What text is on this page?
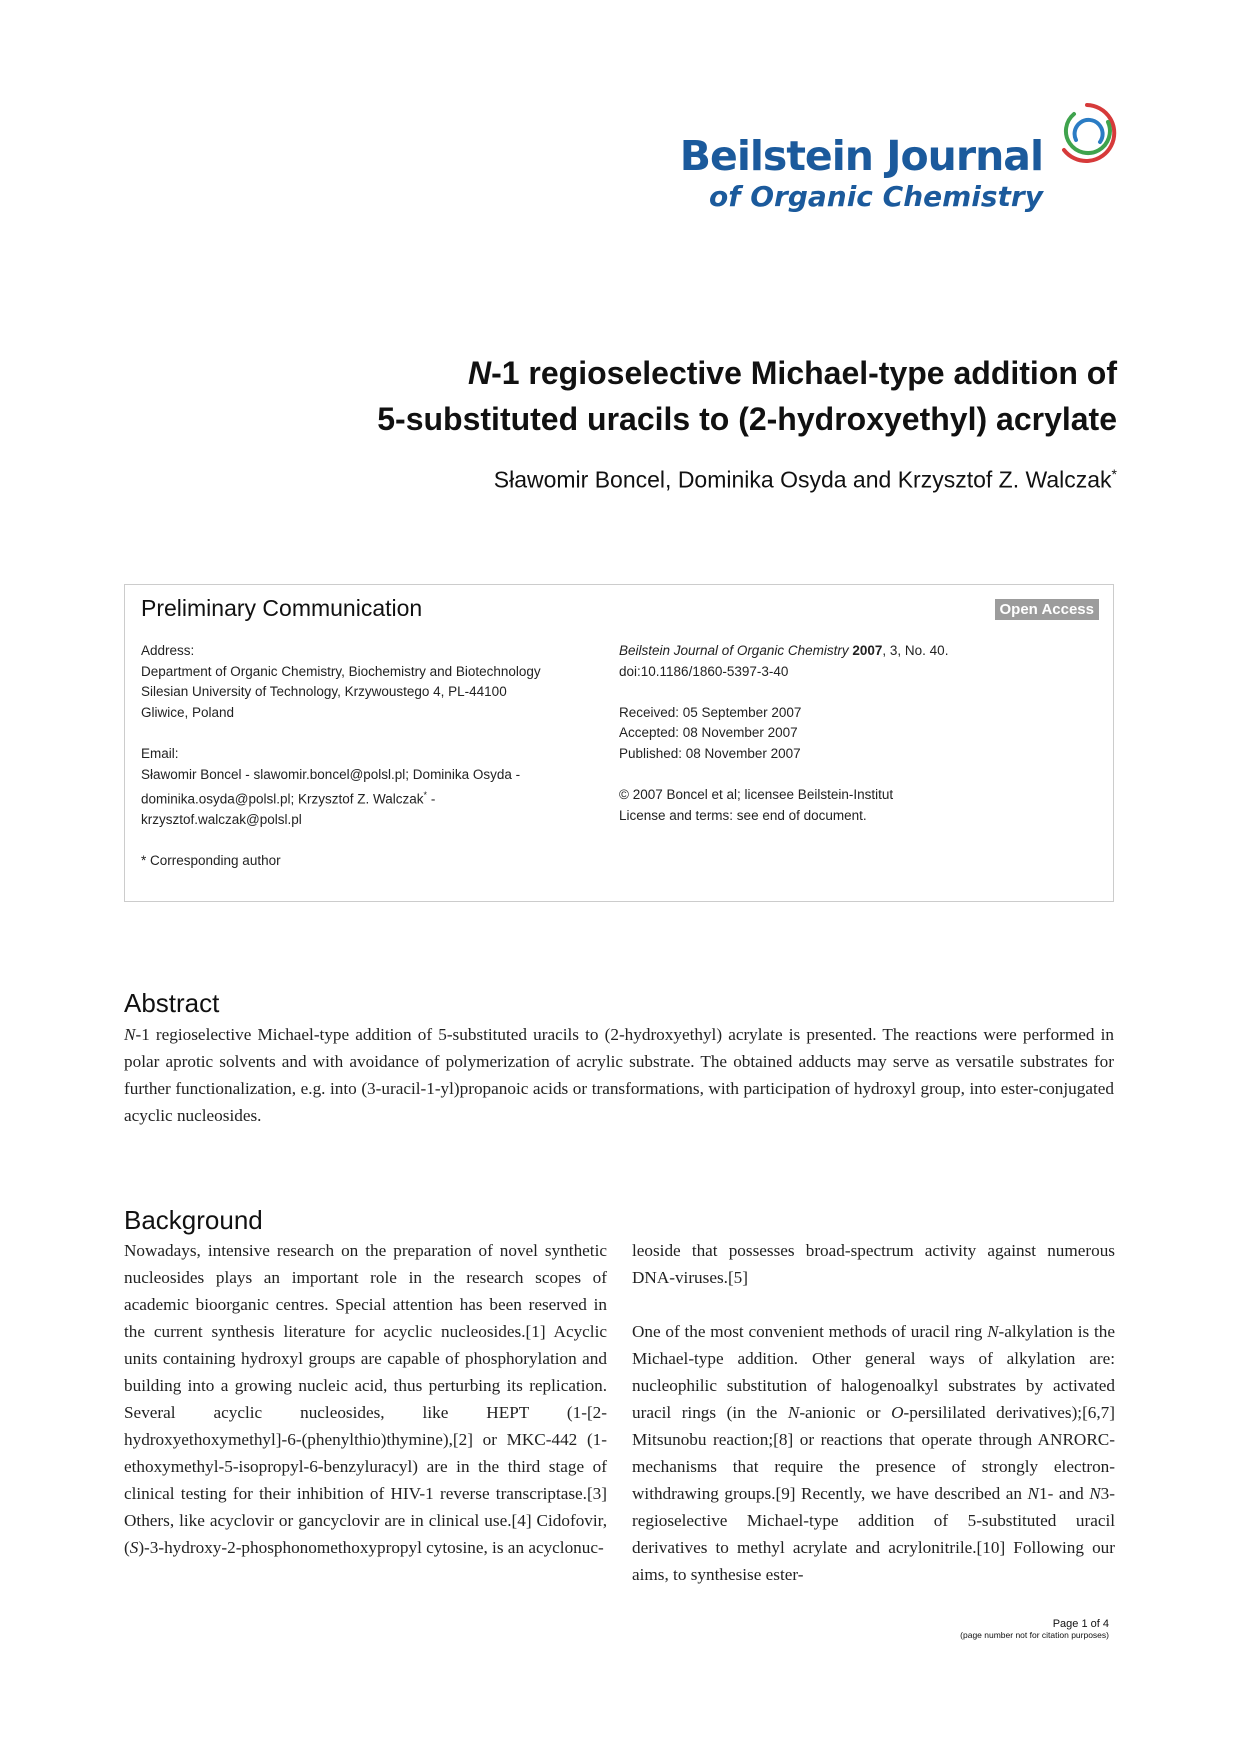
Beilstein Journal
of Organic Chemistry
N-1 regioselective Michael-type addition of
5-substituted uracils to (2-hydroxyethyl) acrylate
Sławomir Boncel, Dominika Osyda and Krzysztof Z. Walczak*
Preliminary Communication	Open Access

Address:

Department of Organic Chemistry, Biochemistry and Biotechnology

Silesian University of Technology, Krzywoustego 4, PL-44100

Gliwice, Poland

Email:

Sławomir Boncel - slawomir.boncel@polsl.pl; Dominika Osyda -

dominika.osyda@polsl.pl; Krzysztof Z. Walczak* -

krzysztof.walczak@polsl.pl

* Corresponding author

Beilstein Journal of Organic Chemistry 2007, 3, No. 40.

doi:10.1186/1860-5397-3-40

Received: 05 September 2007

Accepted: 08 November 2007

Published: 08 November 2007

© 2007 Boncel et al; licensee Beilstein-Institut

License and terms: see end of document.

Abstract

N-1 regioselective Michael-type addition of 5-substituted uracils to (2-hydroxyethyl) acrylate is presented. The reactions were performed in polar aprotic solvents and with avoidance of polymerization of acrylic substrate. The obtained adducts may serve as versatile substrates for further functionalization, e.g. into (3-uracil-1-yl)propanoic acids or transformations, with participation of hydroxyl group, into ester-conjugated acyclic nucleosides.

Background

Nowadays, intensive research on the preparation of novel synthetic nucleosides plays an important role in the research scopes of academic bioorganic centres. Special attention has been reserved in the current synthesis literature for acyclic nucleosides.[1] Acyclic units containing hydroxyl groups are capable of phosphorylation and building into a growing nucleic acid, thus perturbing its replication. Several acyclic nucleosides, like HEPT (1-[2-hydroxyethoxymethyl]-6-(phenylthio)thymine),[2] or MKC-442 (1-ethoxymethyl-5-isopropyl-6-benzyluracyl) are in the third stage of clinical testing for their inhibition of HIV-1 reverse transcriptase.[3] Others, like acyclovir or gancyclovir are in clinical use.[4] Cidofovir, (S)-3-hydroxy-2-phosphonomethoxypropyl cytosine, is an acyclonuc-

leoside that possesses broad-spectrum activity against numerous DNA-viruses.[5]

One of the most convenient methods of uracil ring N-alkylation is the Michael-type addition. Other general ways of alkylation are: nucleophilic substitution of halogenoalkyl substrates by activated uracil rings (in the N-anionic or O-persililated derivatives);[6,7] Mitsunobu reaction;[8] or reactions that operate through ANRORC-mechanisms that require the presence of strongly electron-withdrawing groups.[9] Recently, we have described an N1- and N3-regioselective Michael-type addition of 5-substituted uracil derivatives to methyl acrylate and acrylonitrile.[10] Following our aims, to synthesise ester-

Page 1 of 4
(page number not for citation purposes)
